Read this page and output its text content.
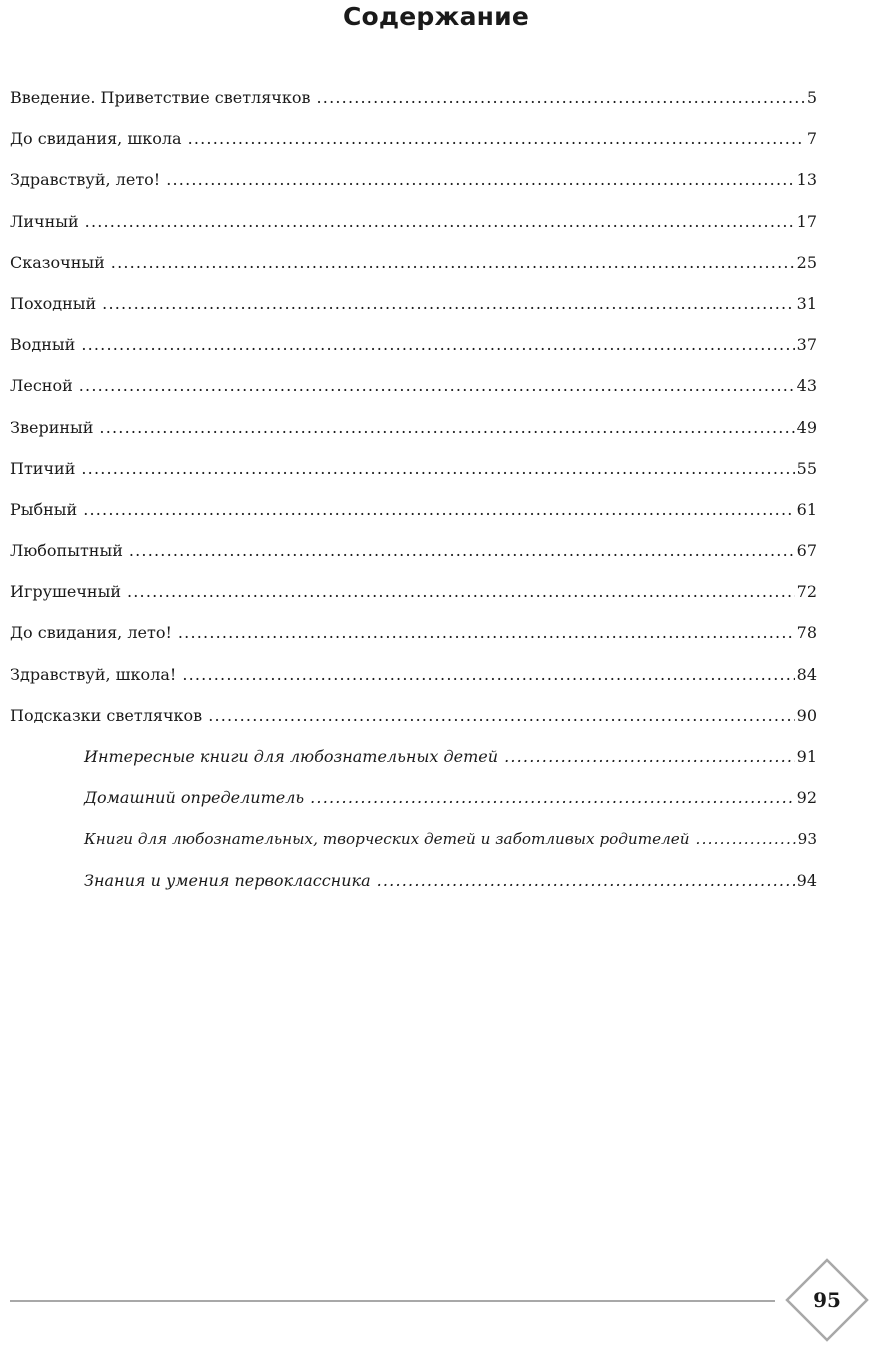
Содержание
Введение. Приветствие светлячков .....	5
До свидания, школа .....	7
Здравствуй, лето! .....	13
Личный .....	17
Сказочный .....	25
Походный .....	31
Водный .....	37
Лесной .....	43
Звериный .....	49
Птичий .....	55
Рыбный .....	61
Любопытный .....	67
Игрушечный .....	72
До свидания, лето! .....	78
Здравствуй, школа! .....	84
Подсказки светлячков .....	90
Интересные книги для любознательных детей .....	91
Домашний определитель .....	92
Книги для любознательных, творческих детей и заботливых родителей .....	93
Знания и умения первоклассника .....	94
95
